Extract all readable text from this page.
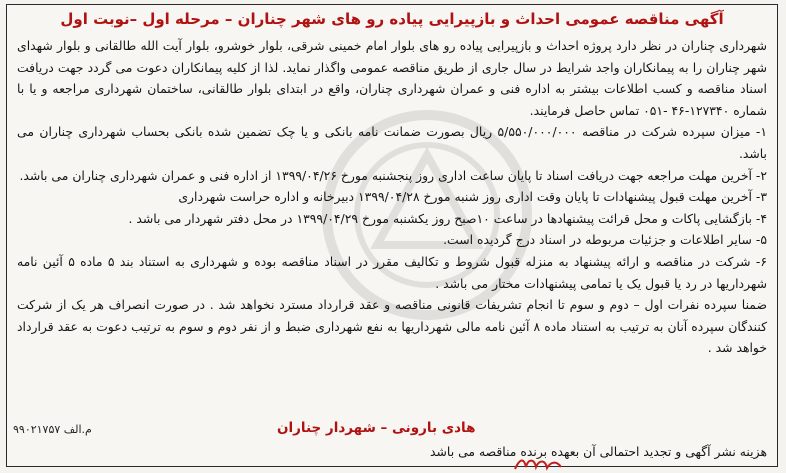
آگهی مناقصه عمومی احداث و بازپیرایی پیاده رو های شهر چناران – مرحله اول –نوبت اول

شهرداری چناران در نظر دارد پروژه احداث و بازپیرایی پیاده رو های بلوار امام خمینی شرقی، بلوار خوشرو، بلوار آیت الله طالقانی و بلوار شهدای شهر چناران را به پیمانکاران واجد شرایط در سال جاری از طریق مناقصه عمومی واگذار نماید. لذا از کلیه پیمانکاران دعوت می گردد جهت دریافت اسناد مناقصه و کسب اطلاعات بیشتر به اداره فنی و عمران شهرداری چناران، واقع در ابتدای بلوار طالقانی، ساختمان شهرداری مراجعه و یا با شماره ۱۲۷۳۴۰-۴۶ -۰۵۱ تماس حاصل فرمایند.

۱- میزان سپرده شرکت در مناقصه ۵/۵۵۰/۰۰۰/۰۰۰ ریال بصورت ضمانت نامه بانکی و یا چک تضمین شده بانکی بحساب شهرداری چناران می باشد.

۲- آخرین مهلت مراجعه جهت دریافت اسناد تا پایان ساعت اداری روز پنجشنبه مورخ ۱۳۹۹/۰۴/۲۶ از اداره فنی و عمران شهرداری چناران می باشد.

۳- آخرین مهلت قبول پیشنهادات تا پایان وقت اداری روز شنبه مورخ ۱۳۹۹/۰۴/۲۸ دبیرخانه و اداره حراست شهرداری

۴- بازگشایی پاکات و محل قرائت پیشنهادها در ساعت ۱۰صبح روز یکشنبه مورخ ۱۳۹۹/۰۴/۲۹ در محل دفتر شهردار می باشد .

۵- سایر اطلاعات و جزئیات مربوطه در اسناد درج گردیده است.

۶- شرکت در مناقصه و ارائه پیشنهاد به منزله قبول شروط و تکالیف مقرر در اسناد مناقصه بوده و شهرداری به استناد بند ۵ ماده ۵ آئین نامه شهرداریها در رد یا قبول یک یا تمامی پیشنهادات مختار می باشد .

ضمنا سپرده نفرات اول – دوم و سوم تا انجام تشریفات قانونی مناقصه و عقد قرارداد مسترد نخواهد شد . در صورت انصراف هر یک از شرکت کنندگان سپرده آنان به ترتیب به استناد ماده ۸ آئین نامه مالی شهرداریها به نفع شهرداری ضبط و از نفر دوم و سوم به ترتیب دعوت به عقد قرارداد خواهد شد .

هادی بارونی – شهردار چناران
م.الف ۹۹۰۲۱۷۵۷
هزینه نشر آگهی و تجدید احتمالی آن بعهده برنده مناقصه می باشد
